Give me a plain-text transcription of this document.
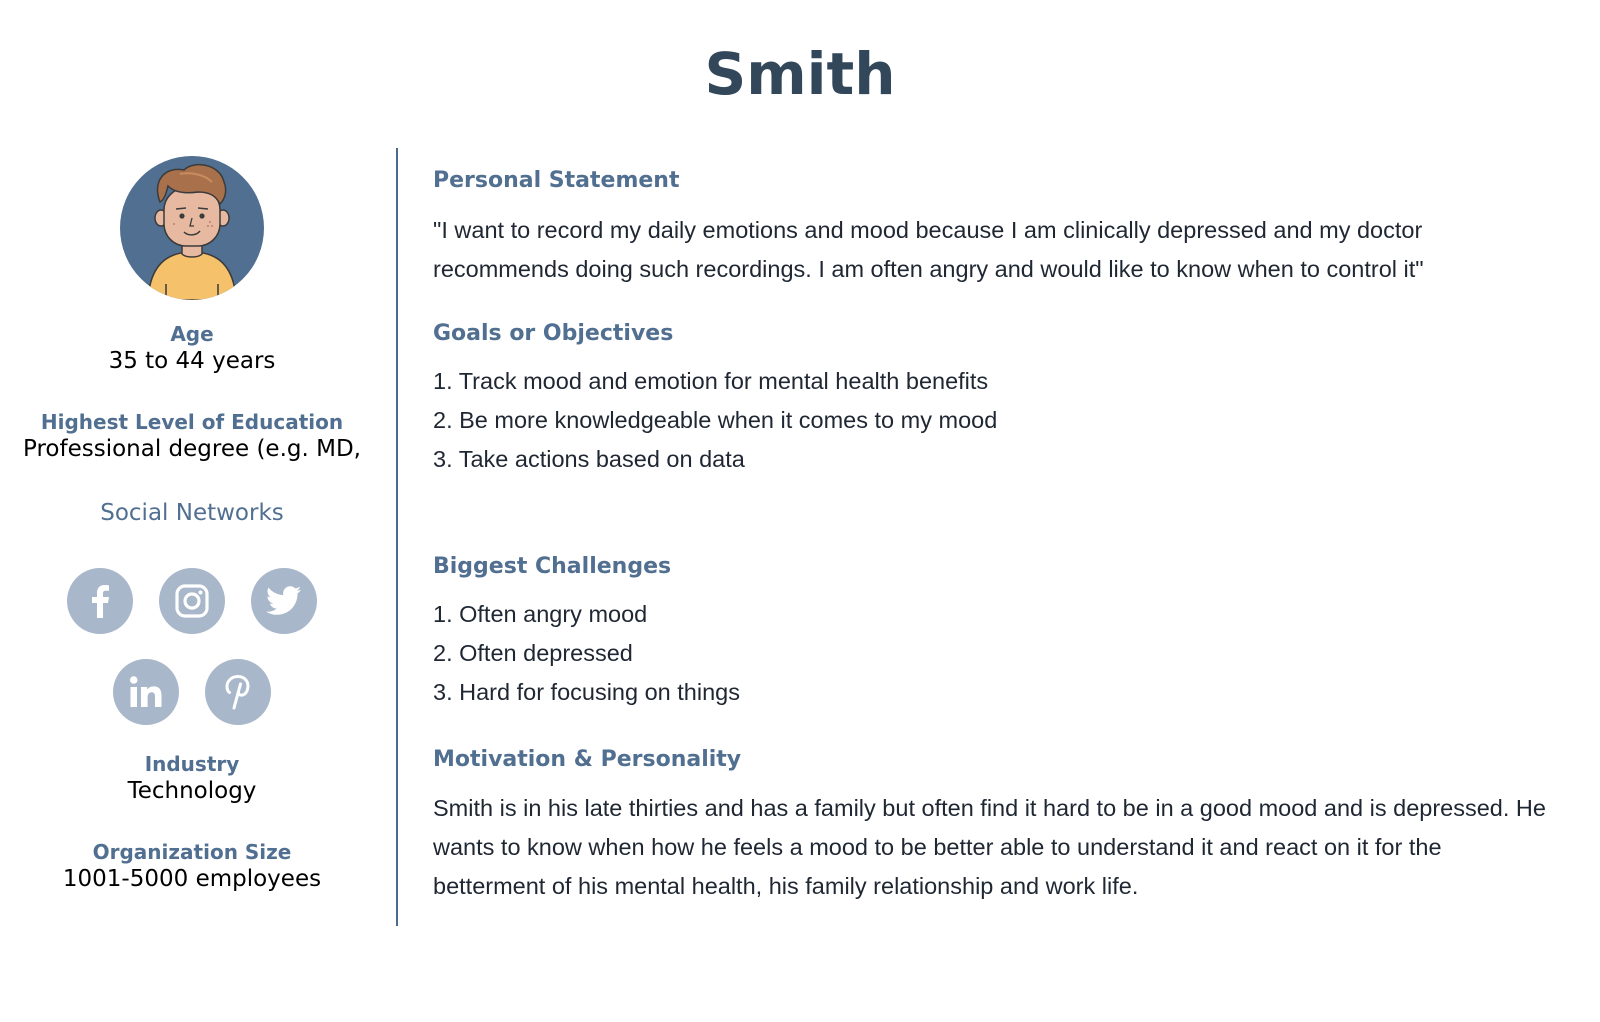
Smith
Age
35 to 44 years
Highest Level of Education
Professional degree (e.g. MD,
Social Networks
Industry
Technology
Organization Size
1001-5000 employees
Personal Statement
"I want to record my daily emotions and mood because I am clinically depressed and my doctor recommends doing such recordings. I am often angry and would like to know when to control it"
Goals or Objectives
1. Track mood and emotion for mental health benefits
2. Be more knowledgeable when it comes to my mood
3. Take actions based on data
Biggest Challenges
1. Often angry mood
2. Often depressed
3. Hard for focusing on things
Motivation & Personality
Smith is in his late thirties and has a family but often find it hard to be in a good mood and is depressed. He wants to know when how he feels a mood to be better able to understand it and react on it for the betterment of his mental health, his family relationship and work life.
